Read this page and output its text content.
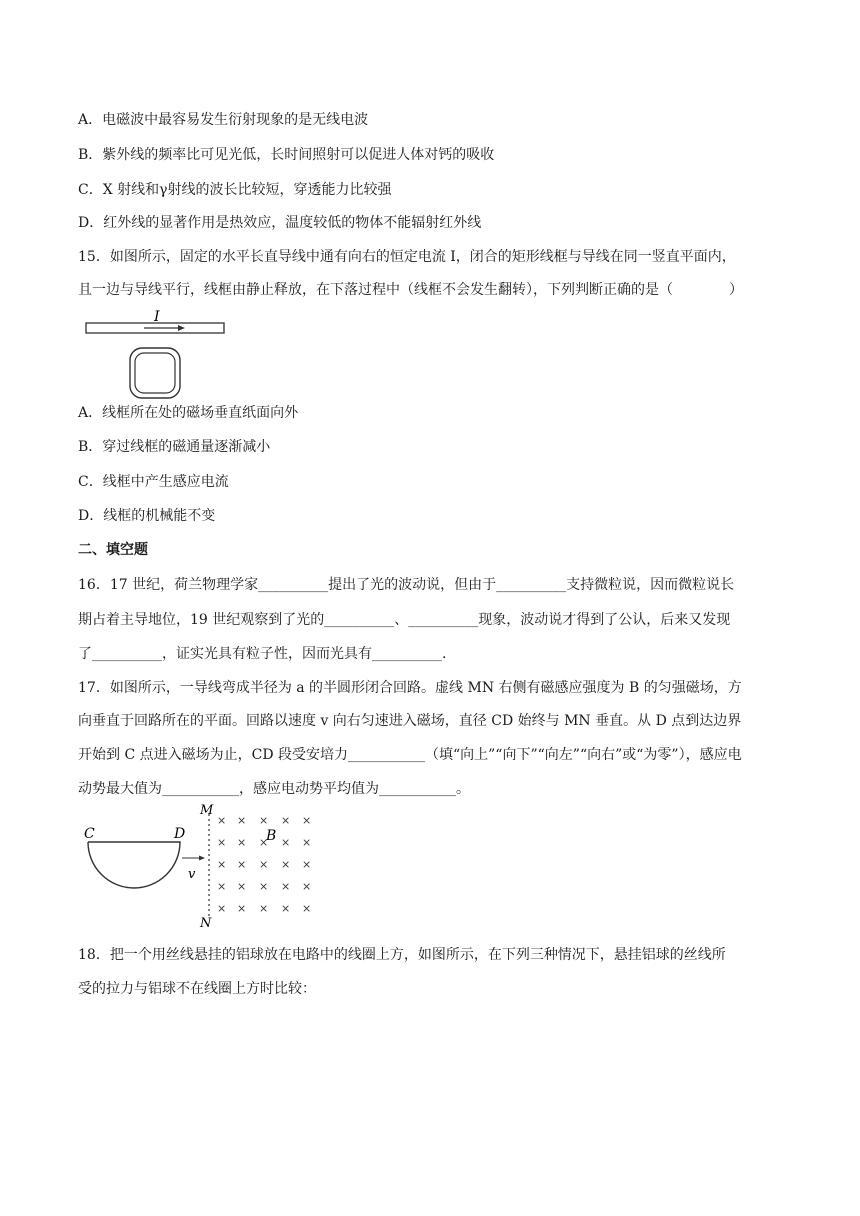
A．电磁波中最容易发生衍射现象的是无线电波
B．紫外线的频率比可见光低，长时间照射可以促进人体对钙的吸收
C．X 射线和γ射线的波长比较短，穿透能力比较强
D．红外线的显著作用是热效应，温度较低的物体不能辐射红外线
15．如图所示，固定的水平长直导线中通有向右的恒定电流 I，闭合的矩形线框与导线在同一竖直平面内，
且一边与导线平行，线框由静止释放，在下落过程中（线框不会发生翻转），下列判断正确的是（　　　　）
I
A．线框所在处的磁场垂直纸面向外
B．穿过线框的磁通量逐渐减小
C．线框中产生感应电流
D．线框的机械能不变
二、填空题
16．17 世纪，荷兰物理学家__________提出了光的波动说，但由于__________支持微粒说，因而微粒说长
期占着主导地位，19 世纪观察到了光的__________、__________现象，波动说才得到了公认，后来又发现
了__________，证实光具有粒子性，因而光具有__________.
17．如图所示，一导线弯成半径为 a 的半圆形闭合回路。虚线 MN 右侧有磁感应强度为 B 的匀强磁场，方
向垂直于回路所在的平面。回路以速度 v 向右匀速进入磁场，直径 CD 始终与 MN 垂直。从 D 点到达边界
开始到 C 点进入磁场为止，CD 段受安培力___________（填“向上”“向下”“向左”“向右”或“为零”），感应电
动势最大值为___________，感应电动势平均值为___________。
C	D
v
M
N
B
× × × × ×
× × × × ×
× × × × ×
× × × × ×
× × × × ×
18．把一个用丝线悬挂的铝球放在电路中的线圈上方，如图所示，在下列三种情况下，悬挂铝球的丝线所
受的拉力与铝球不在线圈上方时比较：
